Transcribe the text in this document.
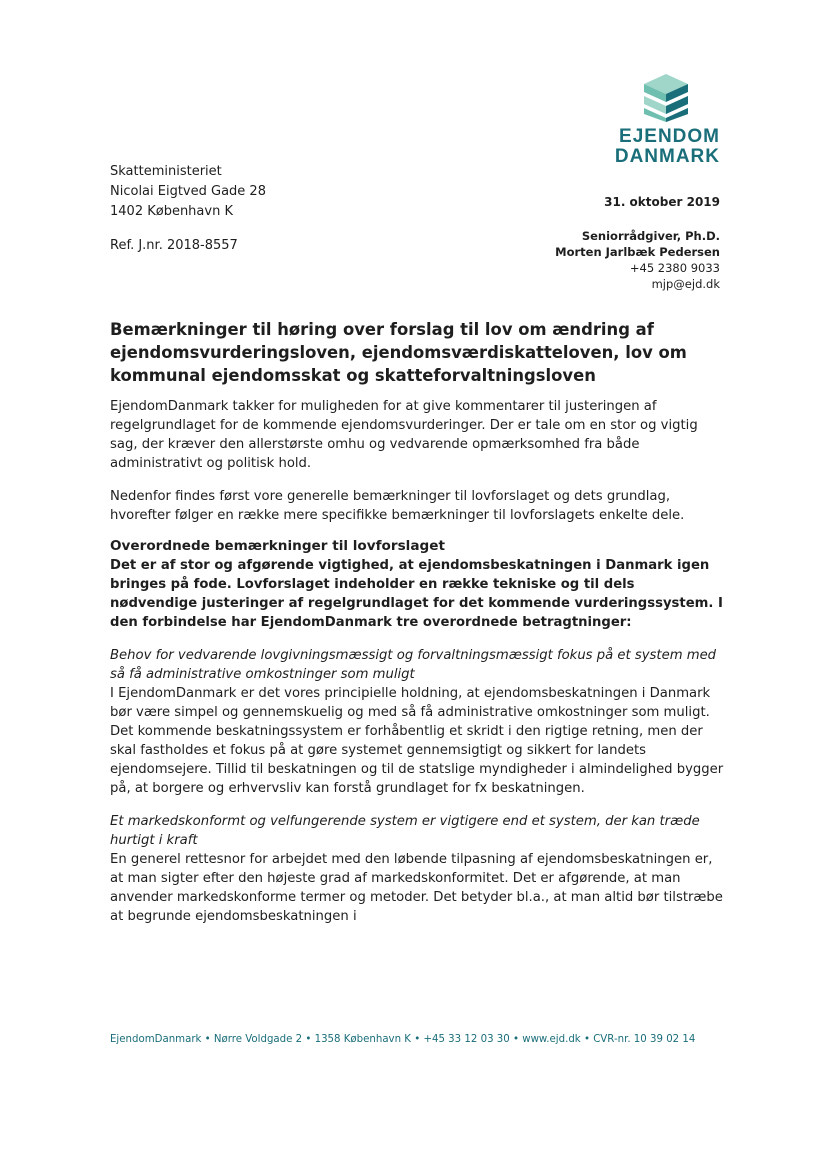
EJENDOM
DANMARK
Skatteministeriet
Nicolai Eigtved Gade 28
1402 København K
Ref. J.nr. 2018-8557
31. oktober 2019
Seniorrådgiver, Ph.D.
Morten Jarlbæk Pedersen
+45 2380 9033
mjp@ejd.dk
Bemærkninger til høring over forslag til lov om ændring af ejendomsvurderingsloven, ejendomsværdiskatteloven, lov om kommunal ejendomsskat og skatteforvaltningsloven

EjendomDanmark takker for muligheden for at give kommentarer til justeringen af regelgrundlaget for de kommende ejendomsvurderinger. Der er tale om en stor og vigtig sag, der kræver den allerstørste omhu og vedvarende opmærksomhed fra både administrativt og politisk hold.

Nedenfor findes først vore generelle bemærkninger til lovforslaget og dets grundlag, hvorefter følger en række mere specifikke bemærkninger til lovforslagets enkelte dele.

Overordnede bemærkninger til lovforslaget
Det er af stor og afgørende vigtighed, at ejendomsbeskatningen i Danmark igen bringes på fode. Lovforslaget indeholder en række tekniske og til dels nødvendige justeringer af regelgrundlaget for det kommende vurderingssystem. I den forbindelse har EjendomDanmark tre overordnede betragtninger:
Behov for vedvarende lovgivningsmæssigt og forvaltningsmæssigt fokus på et system med så få administrative omkostninger som muligt

I EjendomDanmark er det vores principielle holdning, at ejendomsbeskatningen i Danmark bør være simpel og gennemskuelig og med så få administrative omkostninger som muligt. Det kommende beskatningssystem er forhåbentlig et skridt i den rigtige retning, men der skal fastholdes et fokus på at gøre systemet gennemsigtigt og sikkert for landets ejendomsejere. Tillid til beskatningen og til de statslige myndigheder i almindelighed bygger på, at borgere og erhvervsliv kan forstå grundlaget for fx beskatningen.

Et markedskonformt og velfungerende system er vigtigere end et system, der kan træde hurtigt i kraft

En generel rettesnor for arbejdet med den løbende tilpasning af ejendomsbeskatningen er, at man sigter efter den højeste grad af markedskonformitet. Det er afgørende, at man anvender markedskonforme termer og metoder. Det betyder bl.a., at man altid bør tilstræbe at begrunde ejendomsbeskatningen i

EjendomDanmark • Nørre Voldgade 2 • 1358 København K • +45 33 12 03 30 • www.ejd.dk • CVR-nr. 10 39 02 14
